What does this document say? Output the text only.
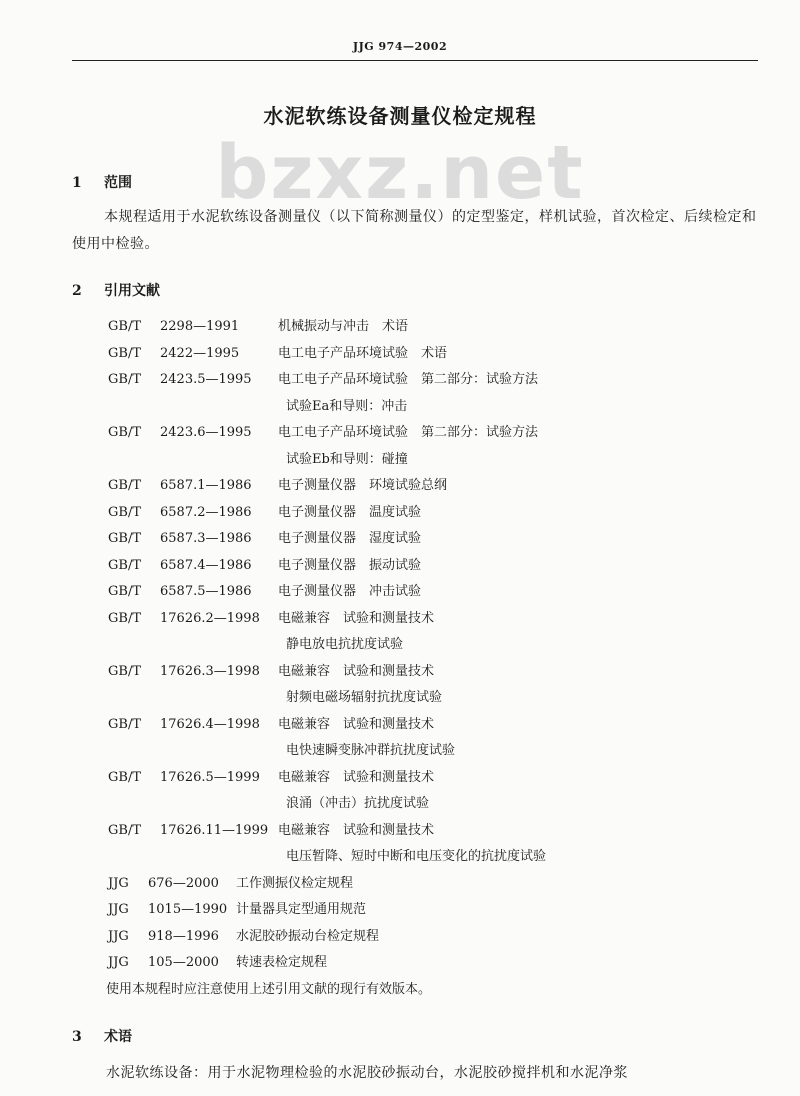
JJG 974—2002
bzxz.net
水泥软练设备测量仪检定规程
1 范围
本规程适用于水泥软练设备测量仪（以下简称测量仪）的定型鉴定，样机试验，首次检定、后续检定和使用中检验。
2 引用文献
GB/T	2298—1991	机械振动与冲击　术语
GB/T	2422—1995	电工电子产品环境试验　术语
GB/T	2423.5—1995	电工电子产品环境试验　第二部分：试验方法
试验Ea和导则：冲击
GB/T	2423.6—1995	电工电子产品环境试验　第二部分：试验方法
试验Eb和导则：碰撞
GB/T	6587.1—1986	电子测量仪器　环境试验总纲
GB/T	6587.2—1986	电子测量仪器　温度试验
GB/T	6587.3—1986	电子测量仪器　湿度试验
GB/T	6587.4—1986	电子测量仪器　振动试验
GB/T	6587.5—1986	电子测量仪器　冲击试验
GB/T	17626.2—1998	电磁兼容　试验和测量技术
静电放电抗扰度试验
GB/T	17626.3—1998	电磁兼容　试验和测量技术
射频电磁场辐射抗扰度试验
GB/T	17626.4—1998	电磁兼容　试验和测量技术
电快速瞬变脉冲群抗扰度试验
GB/T	17626.5—1999	电磁兼容　试验和测量技术
浪涌（冲击）抗扰度试验
GB/T	17626.11—1999 电磁兼容　试验和测量技术
电压暂降、短时中断和电压变化的抗扰度试验
JJG	676—2000	工作测振仪检定规程
JJG	1015—1990 计量器具定型通用规范
JJG	918—1996	水泥胶砂振动台检定规程
JJG	105—2000	转速表检定规程
使用本规程时应注意使用上述引用文献的现行有效版本。
3 术语
水泥软练设备：用于水泥物理检验的水泥胶砂振动台，水泥胶砂搅拌机和水泥净浆
